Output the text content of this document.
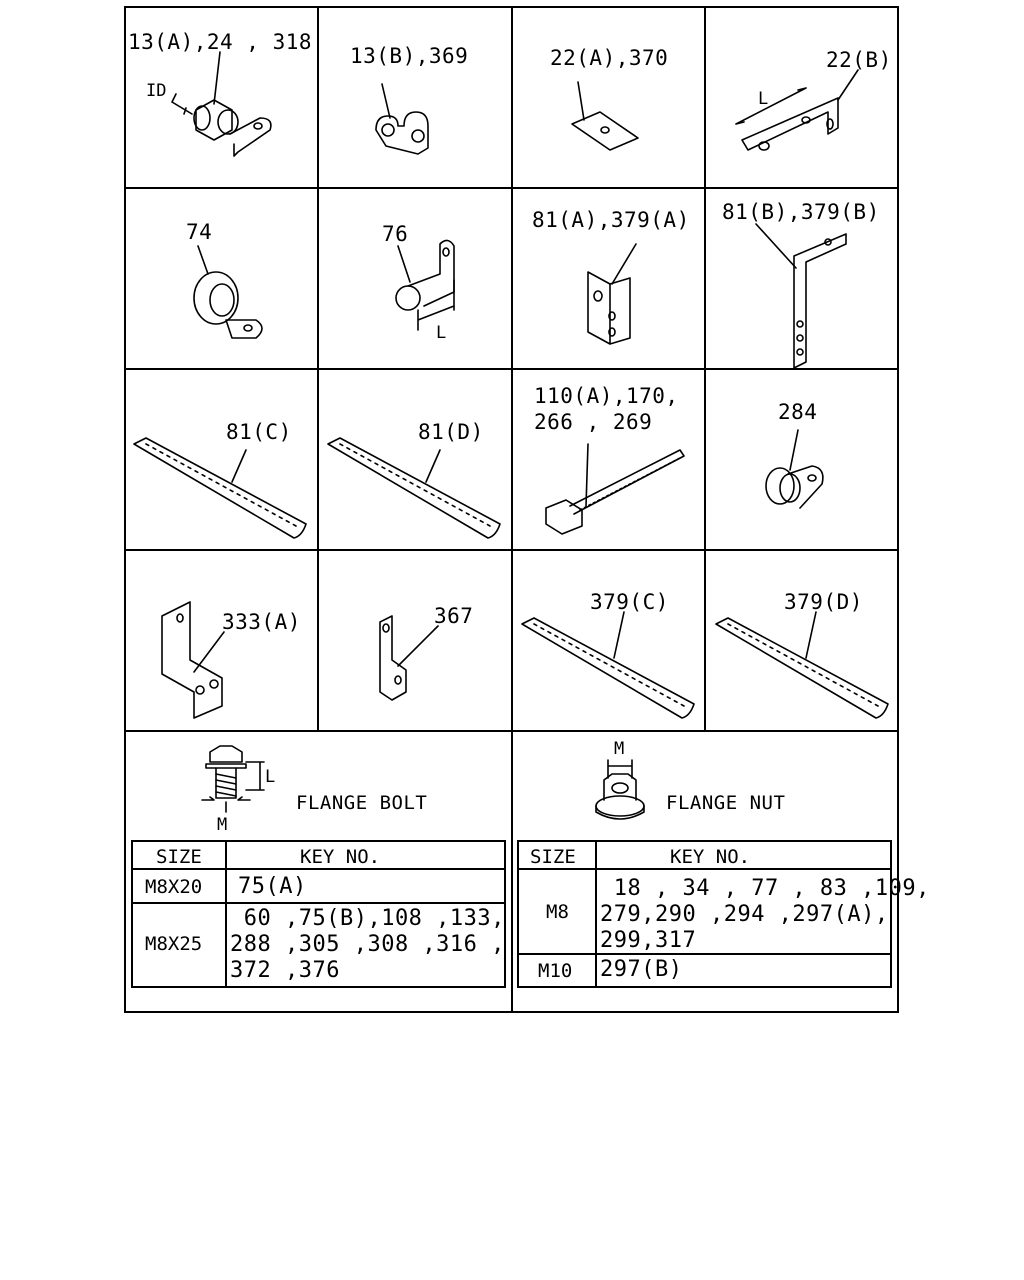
13(A),24 , 318
ID
13(B),369	22(A),370	22(B)
L
74	76
L
81(A),379(A) 81(B),379(B)
81(C)	81(D)
110(A),170,
266 , 269	284
333(A)	367
379(C)	379(D)
L
M
FLANGE BOLT
SIZE	KEY NO.
M8X20 75(A)
M8X25
60 ,75(B),108 ,133,
288 ,305 ,308 ,316 ,
372 ,376
M
FLANGE NUT
SIZE	KEY NO.
M8
18 , 34 , 77 , 83 ,109,
279,290 ,294 ,297(A),
299,317
M10 297(B)
